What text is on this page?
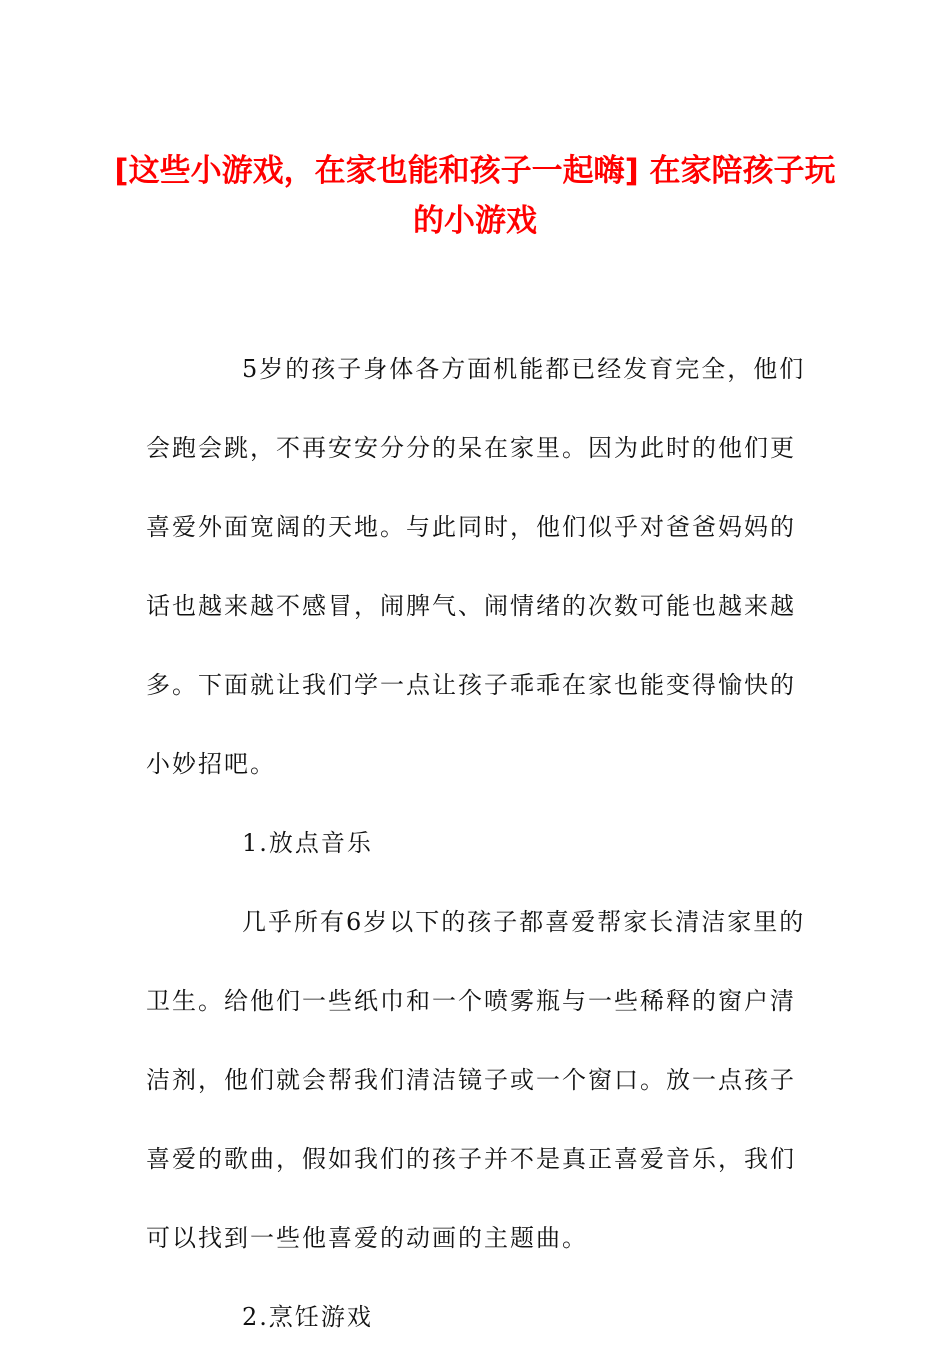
[这些小游戏，在家也能和孩子一起嗨] 在家陪孩子玩的小游戏

5岁的孩子身体各方面机能都已经发育完全，他们会跑会跳，不再安安分分的呆在家里。因为此时的他们更喜爱外面宽阔的天地。与此同时，他们似乎对爸爸妈妈的话也越来越不感冒，闹脾气、闹情绪的次数可能也越来越多。下面就让我们学一点让孩子乖乖在家也能变得愉快的小妙招吧。

1.放点音乐

几乎所有6岁以下的孩子都喜爱帮家长清洁家里的卫生。给他们一些纸巾和一个喷雾瓶与一些稀释的窗户清洁剂，他们就会帮我们清洁镜子或一个窗口。放一点孩子喜爱的歌曲，假如我们的孩子并不是真正喜爱音乐，我们可以找到一些他喜爱的动画的主题曲。

2.烹饪游戏
